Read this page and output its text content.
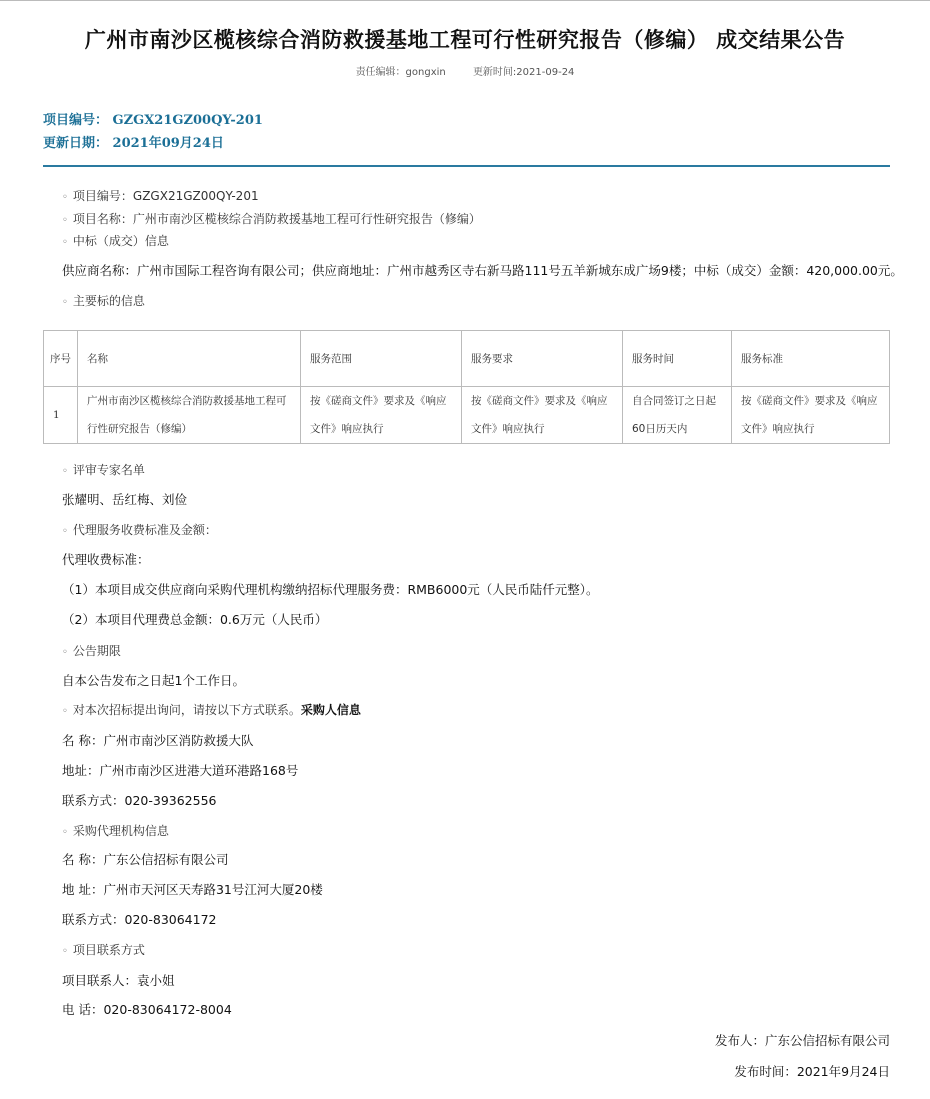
广州市南沙区榄核综合消防救援基地工程可行性研究报告（修编） 成交结果公告
责任编辑：gongxin	更新时间:2021-09-24
项目编号： GZGX21GZ00QY-201
更新日期： 2021年09月24日
◦ 项目编号：GZGX21GZ00QY-201
◦ 项目名称：广州市南沙区榄核综合消防救援基地工程可行性研究报告（修编）
◦ 中标（成交）信息
供应商名称：广州市国际工程咨询有限公司；供应商地址：广州市越秀区寺右新马路111号五羊新城东成广场9楼；中标（成交）金额：420,000.00元。
◦ 主要标的信息
序号	名称	服务范围	服务要求	服务时间	服务标准
1	广州市南沙区榄核综合消防救援基地工程可行性研究报告（修编）	按《磋商文件》要求及《响应文件》响应执行	按《磋商文件》要求及《响应文件》响应执行	自合同签订之日起60日历天内	按《磋商文件》要求及《响应文件》响应执行
◦ 评审专家名单
张耀明、岳红梅、刘俭
◦ 代理服务收费标准及金额：
代理收费标准：
（1）本项目成交供应商向采购代理机构缴纳招标代理服务费：RMB6000元（人民币陆仟元整）。
（2）本项目代理费总金额：0.6万元（人民币）
◦ 公告期限
自本公告发布之日起1个工作日。
◦ 对本次招标提出询问，请按以下方式联系。采购人信息
名 称：广州市南沙区消防救援大队
地址：广州市南沙区进港大道环港路168号
联系方式：020-39362556
◦ 采购代理机构信息
名 称：广东公信招标有限公司
地 址：广州市天河区天寿路31号江河大厦20楼
联系方式：020-83064172
◦ 项目联系方式
项目联系人：袁小姐
电 话：020-83064172-8004
发布人：广东公信招标有限公司
发布时间：2021年9月24日
